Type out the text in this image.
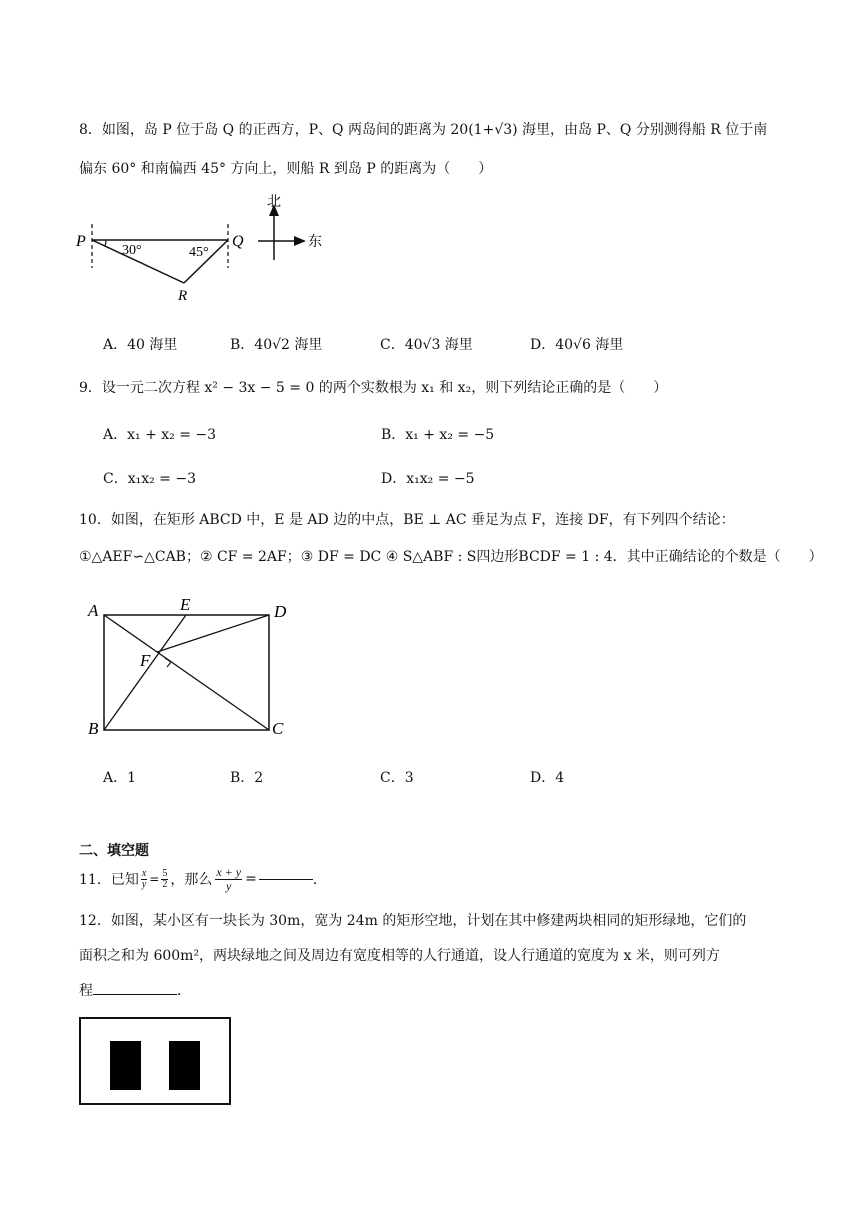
8．如图，岛 P 位于岛 Q 的正西方，P、Q 两岛间的距离为 20(1+√3) 海里，由岛 P、Q 分别测得船 R 位于南
偏东 60° 和南偏西 45° 方向上，则船 R 到岛 P 的距离为（　　）
P	Q
R
30°	45°
北
东
A．40 海里	B．40√2 海里	C．40√3 海里	D．40√6 海里
9．设一元二次方程 x² − 3x − 5 = 0 的两个实数根为 x₁ 和 x₂，则下列结论正确的是（　　）
A．x₁ + x₂ = −3	B．x₁ + x₂ = −5
C．x₁x₂ = −3	D．x₁x₂ = −5
10．如图，在矩形 ABCD 中，E 是 AD 边的中点，BE ⊥ AC 垂足为点 F，连接 DF，有下列四个结论：
①△AEF∽△CAB；② CF = 2AF；③ DF = DC ④ S△ABF : S四边形BCDF = 1 : 4．其中正确结论的个数是（　　）
A
B	C
D
E
F
A．1	B．2	C．3	D．4
二、填空题
11．已知 $\frac{x}{y} = \frac{5}{2}$ ，那么 $\frac{x + y}{y}$ =	．
12．如图，某小区有一块长为 30m，宽为 24m 的矩形空地，计划在其中修建两块相同的矩形绿地，它们的
面积之和为 600m²，两块绿地之间及周边有宽度相等的人行通道，设人行通道的宽度为 x 米，则可列方
程	．
